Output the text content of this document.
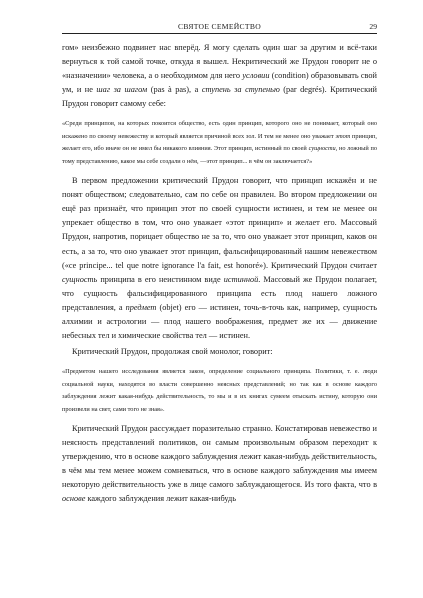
СВЯТОЕ СЕМЕЙСТВО	29

гом» неизбежно подвинет нас вперёд. Я могу сделать один шаг за другим и всё-таки вернуться к той самой точке, откуда я вышел. Некритический же Прудон говорит не о «назначении» человека, а о необходимом для него условии (condition) образовывать свой ум, и не шаг за шагом (pas à pas), а ступень за ступенью (par degrés). Критический Прудон говорит самому себе:

«Среди принципов, на которых покоится общество, есть один принцип, которого оно не понимает, который оно искажено по своему невежеству и который является причиной всех зол. И тем не менее оно уважает этот принцип, желает его, ибо иначе он не имел бы никакого влияния. Этот принцип, истинный по своей сущности, но ложный по тому представлению, какое мы себе создали о нём, —этот принцип... в чём он заключается?»

В первом предложении критический Прудон говорит, что принцип искажён и не понят обществом; следовательно, сам по себе он правилен. Во втором предложении он ещё раз признаёт, что принцип этот по своей сущности истинен, и тем не менее он упрекает общество в том, что оно уважает «этот принцип» и желает его. Массовый Прудон, напротив, порицает общество не за то, что оно уважает этот принцип, каков он есть, а за то, что оно уважает этот принцип, фальсифицированный нашим невежеством («ce principe... tel que notre ignorance l'a fait, est honoré»). Критический Прудон считает сущность принципа в его неистинном виде истинной. Массовый же Прудон полагает, что сущность фальсифицированного принципа есть плод нашего ложного представления, а предмет (objet) его — истинен, точь-в-точь как, например, сущность алхимии и астрологии — плод нашего воображения, предмет же их — движение небесных тел и химические свойства тел — истинен.

Критический Прудон, продолжая свой монолог, говорит:

«Предметом нашего исследования является закон, определение социального принципа. Политики, т. е. люди социальной науки, находятся во власти совершенно неясных представлений; но так как в основе каждого заблуждения лежит какая-нибудь действительность, то мы и в их книгах сумеем отыскать истину, которую они произвели на свет, сами того не зная».

Критический Прудон рассуждает поразительно странно. Констатировав невежество и неясность представлений политиков, он самым произвольным образом переходит к утверждению, что в основе каждого заблуждения лежит какая-нибудь действительность, в чём мы тем менее можем сомневаться, что в основе каждого заблуждения мы имеем некоторую действительность уже в лице самого заблуждающегося. Из того факта, что в основе каждого заблуждения лежит какая-нибудь
